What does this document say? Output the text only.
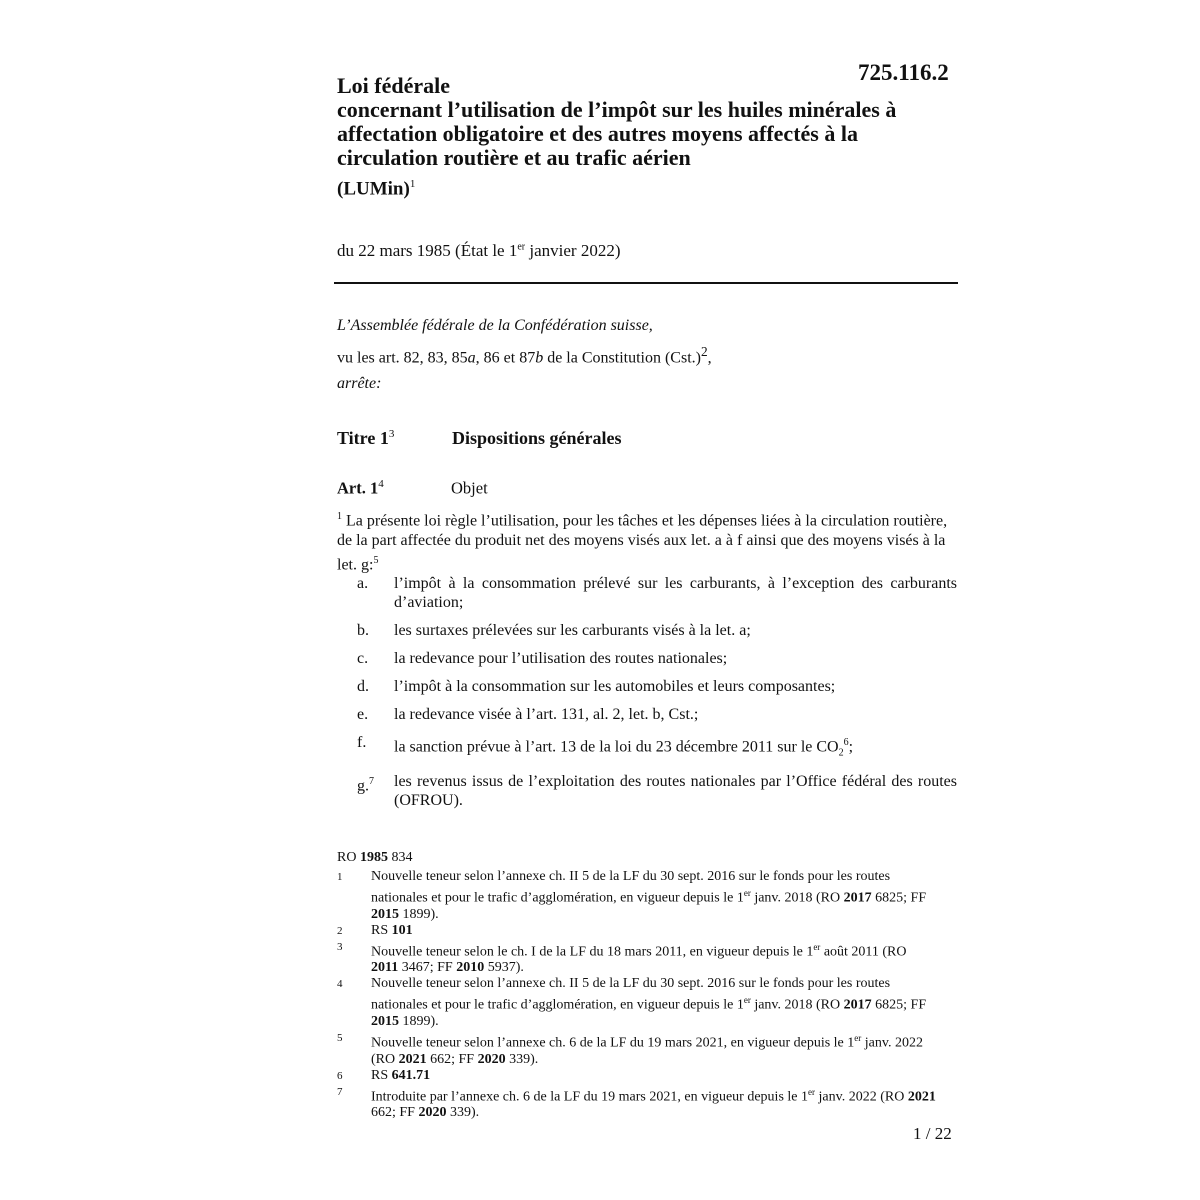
725.116.2
Loi fédérale
concernant l’utilisation de l’impôt sur les huiles minérales à
affectation obligatoire et des autres moyens affectés à la
circulation routière et au trafic aérien
(LUMin)$^1$
du 22 mars 1985 (État le 1er janvier 2022)
L’Assemblée fédérale de la Confédération suisse,
vu les art. 82, 83, 85a, 86 et 87b de la Constitution $(Cst.)^2$,
arrête:
Titre $1^3$	Dispositions générales
Art. $1^4$	Objet
$^1$ La présente loi règle l’utilisation, pour les tâches et les dépenses liées à la circulation routière, de la part affectée du produit net des moyens visés aux let. a à f ainsi que des moyens visés à la let. g:$^5$
a.	l’impôt à la consommation prélevé sur les carburants, à l’exception des carburants d’aviation;
b.	les surtaxes prélevées sur les carburants visés à la let. a;
c.	la redevance pour l’utilisation des routes nationales;
d.	l’impôt à la consommation sur les automobiles et leurs composantes;
e.	la redevance visée à l’art. 131, al. 2, let. b, Cst.;
f.	la sanction prévue à l’art. 13 de la loi du 23 décembre 2011 sur le $CO_2^6$;
g.$^7$	les revenus issus de l’exploitation des routes nationales par l’Office fédéral des routes (OFROU).
RO 1985 834
1	Nouvelle teneur selon l’annexe ch. II 5 de la LF du 30 sept. 2016 sur le fonds pour les routes nationales et pour le trafic d’agglomération, en vigueur depuis le 1er janv. 2018 (RO 2017 6825; FF 2015 1899).
2	RS 101
3	Nouvelle teneur selon le ch. I de la LF du 18 mars 2011, en vigueur depuis le 1er août 2011 (RO 2011 3467; FF 2010 5937).
4	Nouvelle teneur selon l’annexe ch. II 5 de la LF du 30 sept. 2016 sur le fonds pour les routes nationales et pour le trafic d’agglomération, en vigueur depuis le 1er janv. 2018 (RO 2017 6825; FF 2015 1899).
5	Nouvelle teneur selon l’annexe ch. 6 de la LF du 19 mars 2021, en vigueur depuis le 1er janv. 2022 (RO 2021 662; FF 2020 339).
6	RS 641.71
7	Introduite par l’annexe ch. 6 de la LF du 19 mars 2021, en vigueur depuis le 1er janv. 2022 (RO 2021 662; FF 2020 339).
1 / 22
